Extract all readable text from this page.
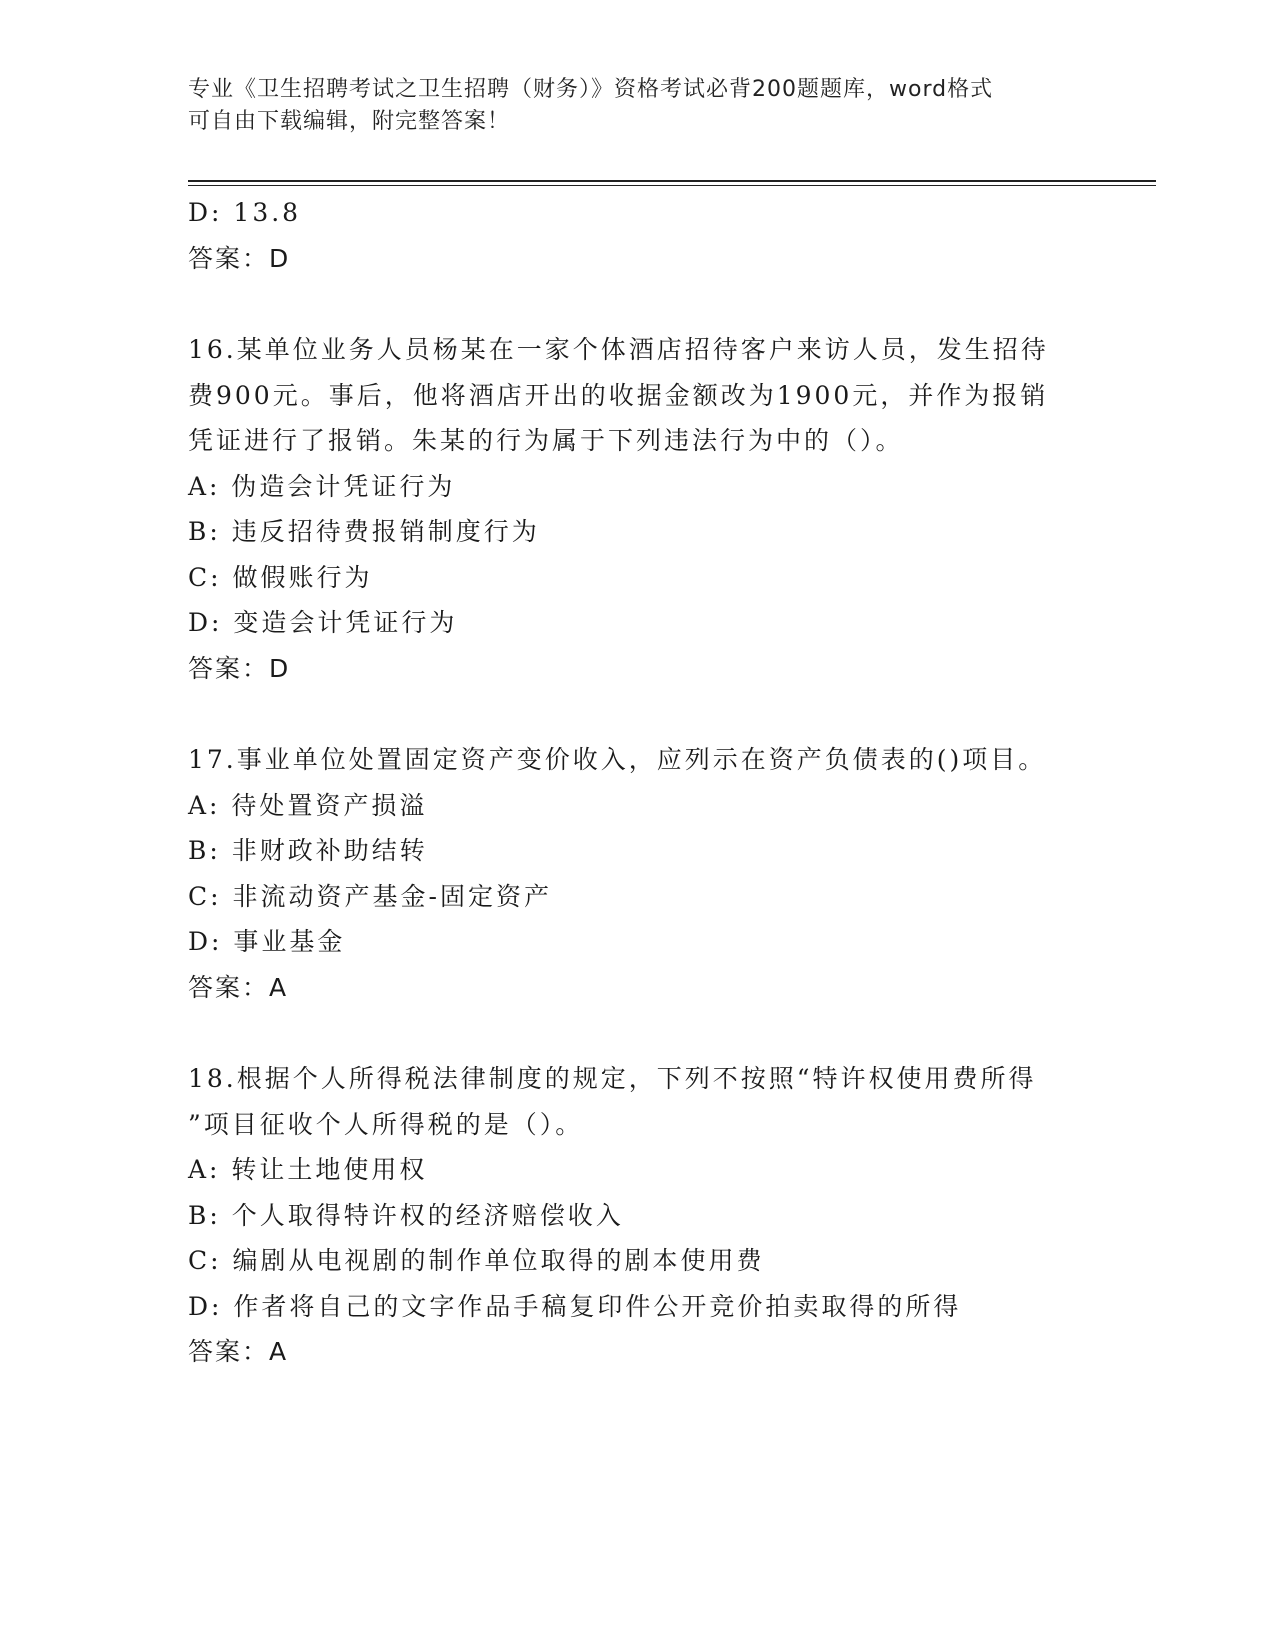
专业《卫生招聘考试之卫生招聘（财务）》资格考试必背200题题库，word格式
可自由下载编辑，附完整答案！
D: 13.8
答案：D
16.某单位业务人员杨某在一家个体酒店招待客户来访人员，发生招待
费900元。事后，他将酒店开出的收据金额改为1900元，并作为报销
凭证进行了报销。朱某的行为属于下列违法行为中的（）。
A: 伪造会计凭证行为
B: 违反招待费报销制度行为
C: 做假账行为
D: 变造会计凭证行为
答案：D
17.事业单位处置固定资产变价收入，应列示在资产负债表的()项目。
A: 待处置资产损溢
B: 非财政补助结转
C: 非流动资产基金-固定资产
D: 事业基金
答案：A
18.根据个人所得税法律制度的规定，下列不按照“特许权使用费所得
”项目征收个人所得税的是（）。
A: 转让土地使用权
B: 个人取得特许权的经济赔偿收入
C: 编剧从电视剧的制作单位取得的剧本使用费
D: 作者将自己的文字作品手稿复印件公开竞价拍卖取得的所得
答案：A
